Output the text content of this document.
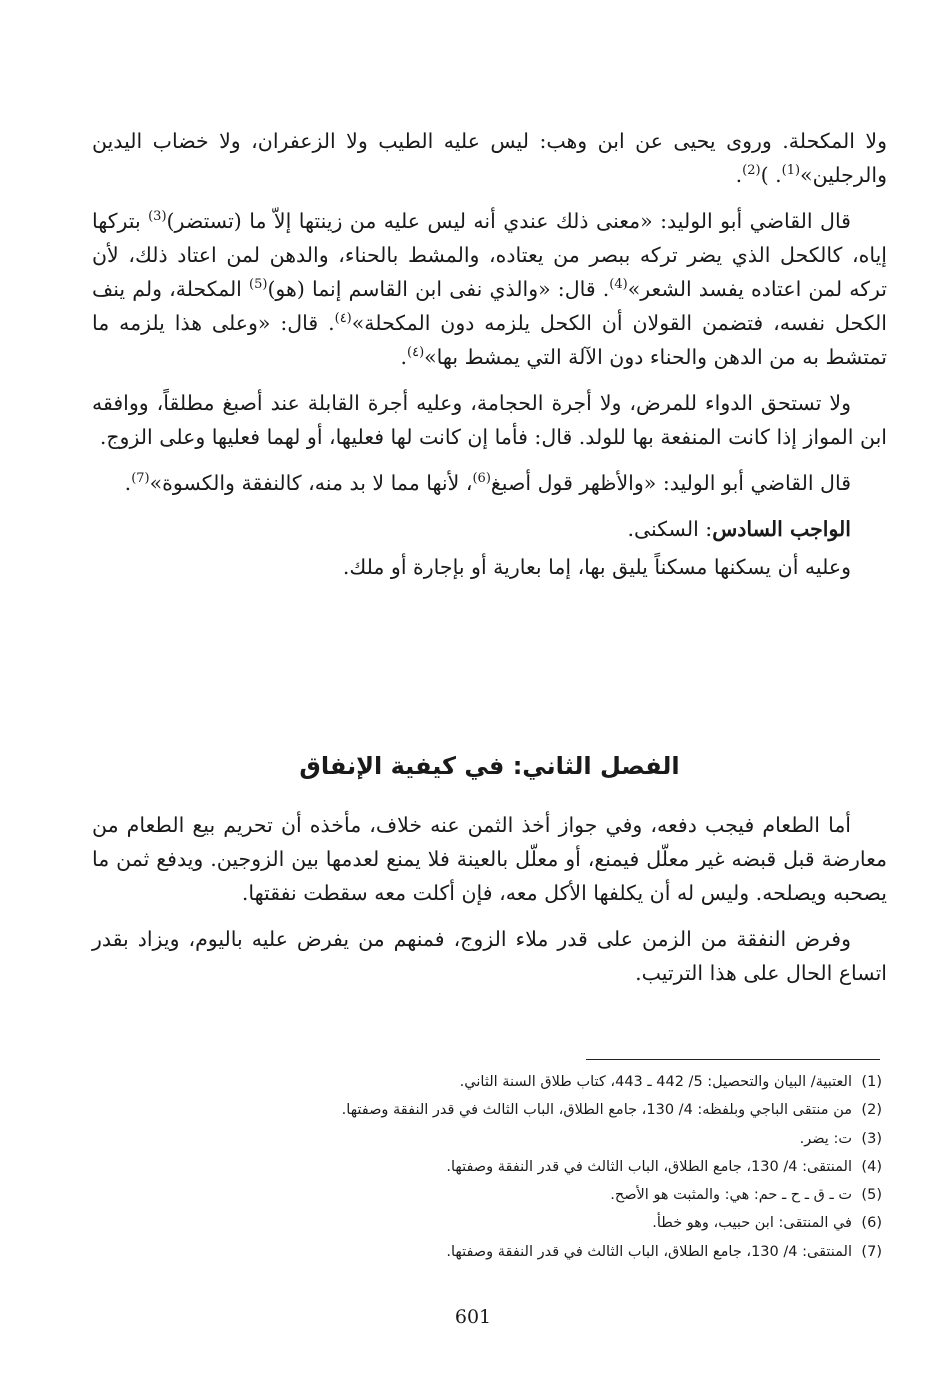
ولا المكحلة. وروى يحيى عن ابن وهب: ليس عليه الطيب ولا الزعفران، ولا خضاب اليدين والرجلين»$^{(1)}$. )$^{(2)}$.

قال القاضي أبو الوليد: «معنى ذلك عندي أنه ليس عليه من زينتها إلاّ ما (تستضر)$^{(3)}$ بتركها إياه، كالكحل الذي يضر تركه ببصر من يعتاده، والمشط بالحناء، والدهن لمن اعتاد ذلك، لأن تركه لمن اعتاده يفسد الشعر»$^{(4)}$. قال: «والذي نفى ابن القاسم إنما (هو)$^{(5)}$ المكحلة، ولم ينف الكحل نفسه، فتضمن القولان أن الكحل يلزمه دون المكحلة»$^{(٤)}$. قال: «وعلى هذا يلزمه ما تمتشط به من الدهن والحناء دون الآلة التي يمشط بها»$^{(٤)}$.

ولا تستحق الدواء للمرض، ولا أجرة الحجامة، وعليه أجرة القابلة عند أصبغ مطلقاً، ووافقه ابن المواز إذا كانت المنفعة بها للولد. قال: فأما إن كانت لها فعليها، أو لهما فعليها وعلى الزوج.

قال القاضي أبو الوليد: «والأظهر قول أصبغ$^{(6)}$، لأنها مما لا بد منه، كالنفقة والكسوة»$^{(7)}$.

الواجب السادس: السكنى.

وعليه أن يسكنها مسكناً يليق بها، إما بعارية أو بإجارة أو ملك.

الفصل الثاني: في كيفية الإنفاق

أما الطعام فيجب دفعه، وفي جواز أخذ الثمن عنه خلاف، مأخذه أن تحريم بيع الطعام من معارضة قبل قبضه غير معلّل فيمنع، أو معلّل بالعينة فلا يمنع لعدمها بين الزوجين. ويدفع ثمن ما يصحبه ويصلحه. وليس له أن يكلفها الأكل معه، فإن أكلت معه سقطت نفقتها.

وفرض النفقة من الزمن على قدر ملاء الزوج، فمنهم من يفرض عليه باليوم، ويزاد بقدر اتساع الحال على هذا الترتيب.

(1)العتبية/ البيان والتحصيل: 5/ 442 ـ 443، كتاب طلاق السنة الثاني.
(2)من منتقى الباجي وبلفظه: 4/ 130، جامع الطلاق، الباب الثالث في قدر النفقة وصفتها.
(3)ت: يضر.
(4)المنتقى: 4/ 130، جامع الطلاق، الباب الثالث في قدر النفقة وصفتها.
(5)ت ـ ق ـ ح ـ حم: هي: والمثبت هو الأصح.
(6)في المنتقى: ابن حبيب، وهو خطأ.
(7)المنتقى: 4/ 130، جامع الطلاق، الباب الثالث في قدر النفقة وصفتها.
601
